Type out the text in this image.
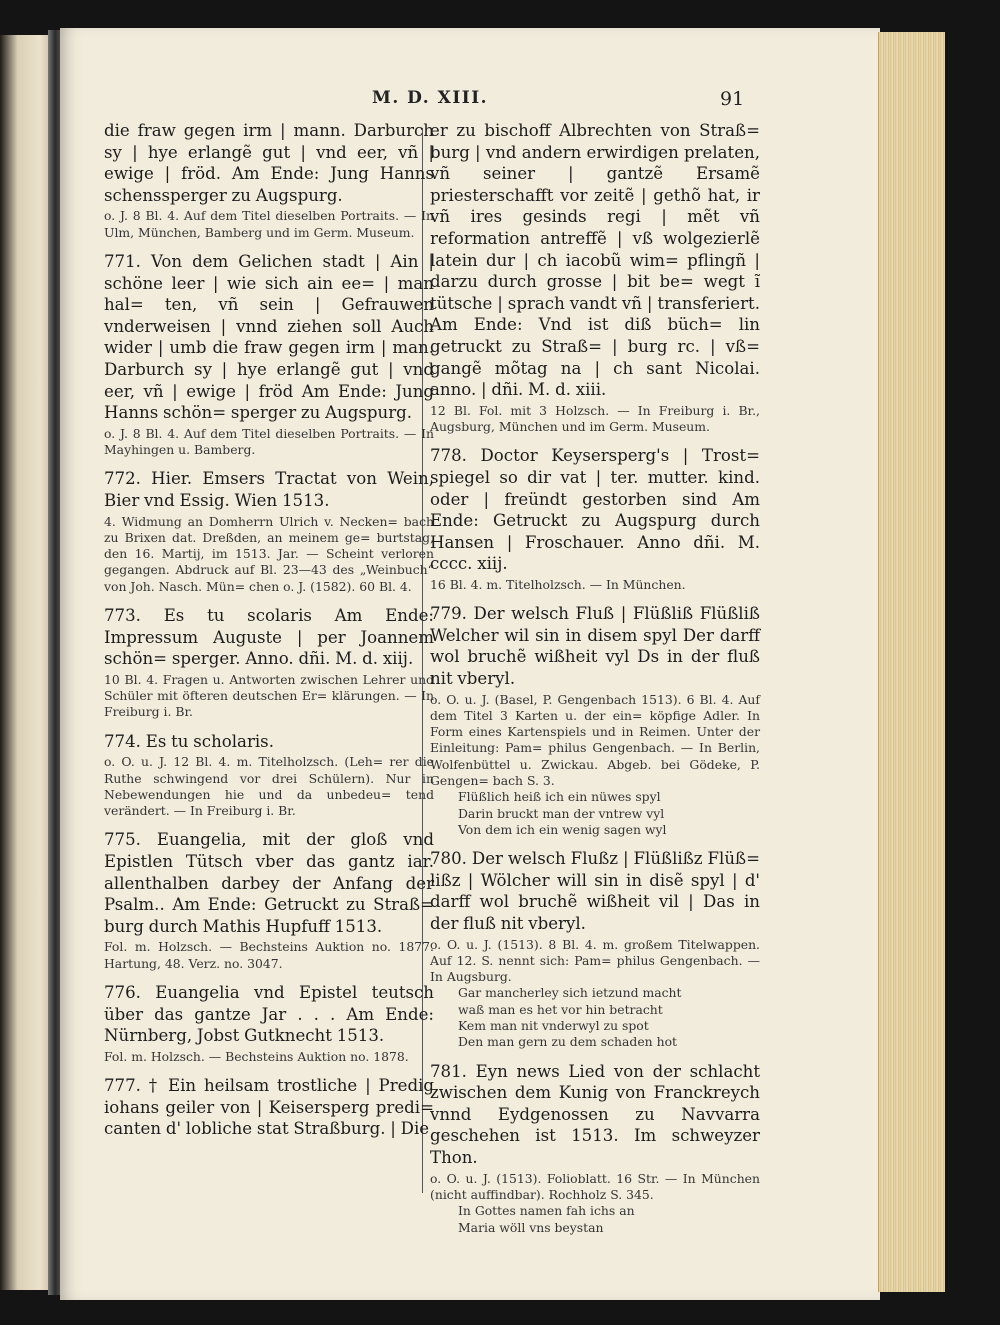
M. D. XIII.	91

die fraw gegen irm | mann. Darburch sy | hye erlangẽ gut | vnd eer, vñ | ewige | fröd. Am Ende: Jung Hanns schenssperger zu Augspurg.

o. J. 8 Bl. 4. Auf dem Titel dieselben Portraits. — In Ulm, München, Bamberg und im Germ. Museum.

771. Von dem Gelichen stadt | Ain | schöne leer | wie sich ain ee= | man hal= ten, vñ sein | Gefrauwen vnderweisen | vnnd ziehen soll Auch wider | umb die fraw gegen irm | man. Darburch sy | hye erlangẽ gut | vnd eer, vñ | ewige | fröd Am Ende: Jung Hanns schön= sperger zu Augspurg.

o. J. 8 Bl. 4. Auf dem Titel dieselben Portraits. — In Mayhingen u. Bamberg.

772. Hier. Emsers Tractat von Wein, Bier vnd Essig. Wien 1513.

4. Widmung an Domherrn Ulrich v. Necken= bach zu Brixen dat. Dreßden, an meinem ge= burtstag, den 16. Martij, im 1513. Jar. — Scheint verloren gegangen. Abdruck auf Bl. 23—43 des „Weinbuch“ von Joh. Nasch. Mün= chen o. J. (1582). 60 Bl. 4.

773. Es tu scolaris Am Ende: Impressum Auguste | per Joannem schön= sperger. Anno. dñi. M. d. xiij.

10 Bl. 4. Fragen u. Antworten zwischen Lehrer und Schüler mit öfteren deutschen Er= klärungen. — In Freiburg i. Br.

774. Es tu scholaris.

o. O. u. J. 12 Bl. 4. m. Titelholzsch. (Leh= rer die Ruthe schwingend vor drei Schülern). Nur in Nebewendungen hie und da unbedeu= tend verändert. — In Freiburg i. Br.

775. Euangelia, mit der gloß vnd Epistlen Tütsch vber das gantz iar. allenthalben darbey der Anfang der Psalm.. Am Ende: Getruckt zu Straß= burg durch Mathis Hupfuff 1513.

Fol. m. Holzsch. — Bechsteins Auktion no. 1877. Hartung, 48. Verz. no. 3047.

776. Euangelia vnd Epistel teutsch über das gantze Jar . . . Am Ende: Nürnberg, Jobst Gutknecht 1513.

Fol. m. Holzsch. — Bechsteins Auktion no. 1878.

777. † Ein heilsam trostliche | Predig iohans geiler von | Keisersperg predi= canten d' lobliche stat Straßburg. | Die

er zu bischoff Albrechten von Straß= burg | vnd andern erwirdigen prelaten, vñ seiner | gantzẽ Ersamẽ priesterschafft vor zeitẽ | gethõ hat, ir vñ ires gesinds regi | mẽt vñ reformation antreffẽ | vß wolgezierlẽ latein dur | ch iacobũ wim= pflingñ | darzu durch grosse | bit be= wegt ĩ tütsche | sprach vandt vñ | transferiert. Am Ende: Vnd ist diß büch= lin getruckt zu Straß= | burg rc. | vß= gangẽ mõtag na | ch sant Nicolai. anno. | dñi. M. d. xiii.

12 Bl. Fol. mit 3 Holzsch. — In Freiburg i. Br., Augsburg, München und im Germ. Museum.

778. Doctor Keysersperg's | Trost= spiegel so dir vat | ter. mutter. kind. oder | freündt gestorben sind Am Ende: Getruckt zu Augspurg durch Hansen | Froschauer. Anno dñi. M. cccc. xiij.

16 Bl. 4. m. Titelholzsch. — In München.

779. Der welsch Fluß | Flüßliß Flüßliß Welcher wil sin in disem spyl Der darff wol bruchẽ wißheit vyl Ds in der fluß nit vberyl.

o. O. u. J. (Basel, P. Gengenbach 1513). 6 Bl. 4. Auf dem Titel 3 Karten u. der ein= köpfige Adler. In Form eines Kartenspiels und in Reimen. Unter der Einleitung: Pam= philus Gengenbach. — In Berlin, Wolfenbüttel u. Zwickau. Abgeb. bei Gödeke, P. Gengen= bach S. 3.

Flüßlich heiß ich ein nüwes spyl

Darin bruckt man der vntrew vyl

Von dem ich ein wenig sagen wyl

780. Der welsch Flußz | Flüßlißz Flüß= lißz | Wölcher will sin in disẽ spyl | d' darff wol bruchẽ wißheit vil | Das in der fluß nit vberyl.

o. O. u. J. (1513). 8 Bl. 4. m. großem Titelwappen. Auf 12. S. nennt sich: Pam= philus Gengenbach. — In Augsburg.

Gar mancherley sich ietzund macht

waß man es het vor hin betracht

Kem man nit vnderwyl zu spot

Den man gern zu dem schaden hot

781. Eyn news Lied von der schlacht zwischen dem Kunig von Franckreych vnnd Eydgenossen zu Navvarra geschehen ist 1513. Im schweyzer Thon.

o. O. u. J. (1513). Folioblatt. 16 Str. — In München (nicht auffindbar). Rochholz S. 345.

In Gottes namen fah ichs an

Maria wöll vns beystan
